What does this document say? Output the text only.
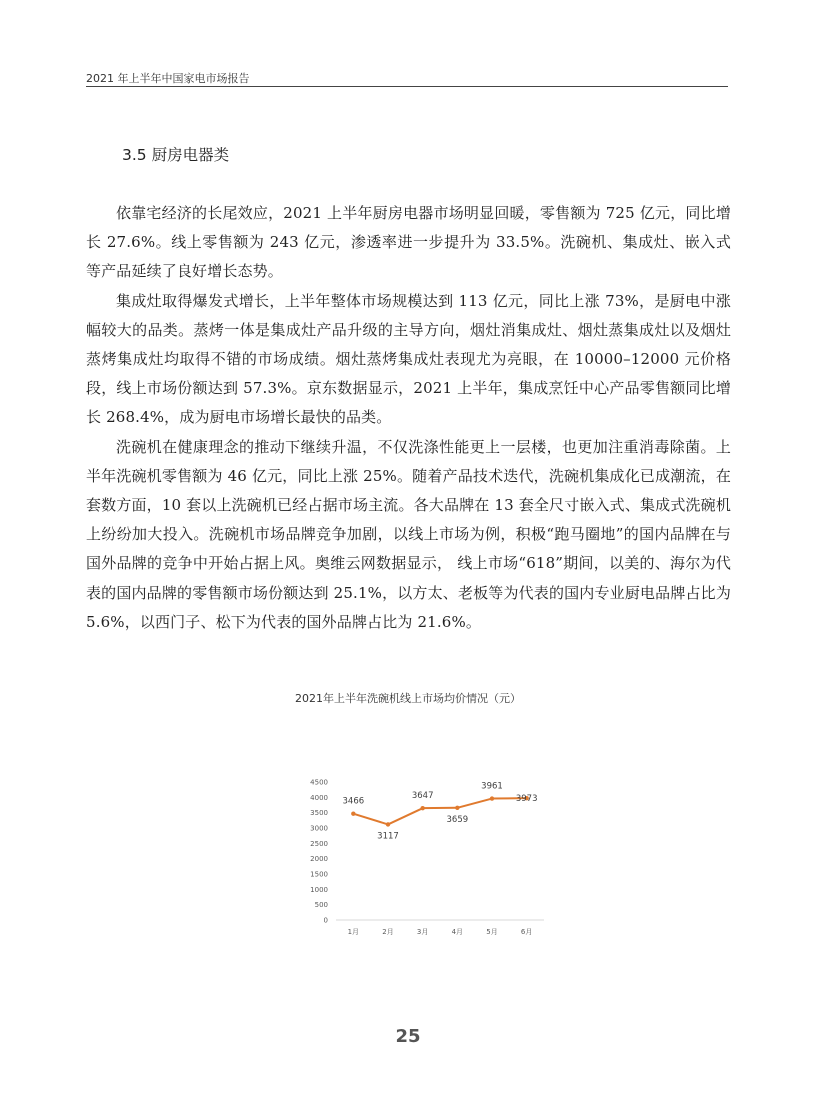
2021 年上半年中国家电市场报告
3.5 厨房电器类

依靠宅经济的长尾效应，2021 上半年厨房电器市场明显回暖，零售额为 725 亿元，同比增长 27.6%。线上零售额为 243 亿元，渗透率进一步提升为 33.5%。洗碗机、集成灶、嵌入式等产品延续了良好增长态势。

集成灶取得爆发式增长，上半年整体市场规模达到 113 亿元，同比上涨 73%，是厨电中涨幅较大的品类。蒸烤一体是集成灶产品升级的主导方向，烟灶消集成灶、烟灶蒸集成灶以及烟灶蒸烤集成灶均取得不错的市场成绩。烟灶蒸烤集成灶表现尤为亮眼，在 10000–12000 元价格段，线上市场份额达到 57.3%。京东数据显示，2021 上半年，集成烹饪中心产品零售额同比增长 268.4%，成为厨电市场增长最快的品类。

洗碗机在健康理念的推动下继续升温，不仅洗涤性能更上一层楼，也更加注重消毒除菌。上半年洗碗机零售额为 46 亿元，同比上涨 25%。随着产品技术迭代，洗碗机集成化已成潮流，在套数方面，10 套以上洗碗机已经占据市场主流。各大品牌在 13 套全尺寸嵌入式、集成式洗碗机上纷纷加大投入。洗碗机市场品牌竞争加剧，以线上市场为例，积极“跑马圈地”的国内品牌在与国外品牌的竞争中开始占据上风。奥维云网数据显示， 线上市场“618”期间，以美的、海尔为代表的国内品牌的零售额市场份额达到 25.1%，以方太、老板等为代表的国内专业厨电品牌占比为 5.6%，以西门子、松下为代表的国外品牌占比为 21.6%。

2021年上半年洗碗机线上市场均价情况（元）
0
500
1000
1500
2000
2500
3000
3500
4000
4500
1月	2月	3月	4月	5月	6月
3466
3117
3647
3659
3961
3973
25
